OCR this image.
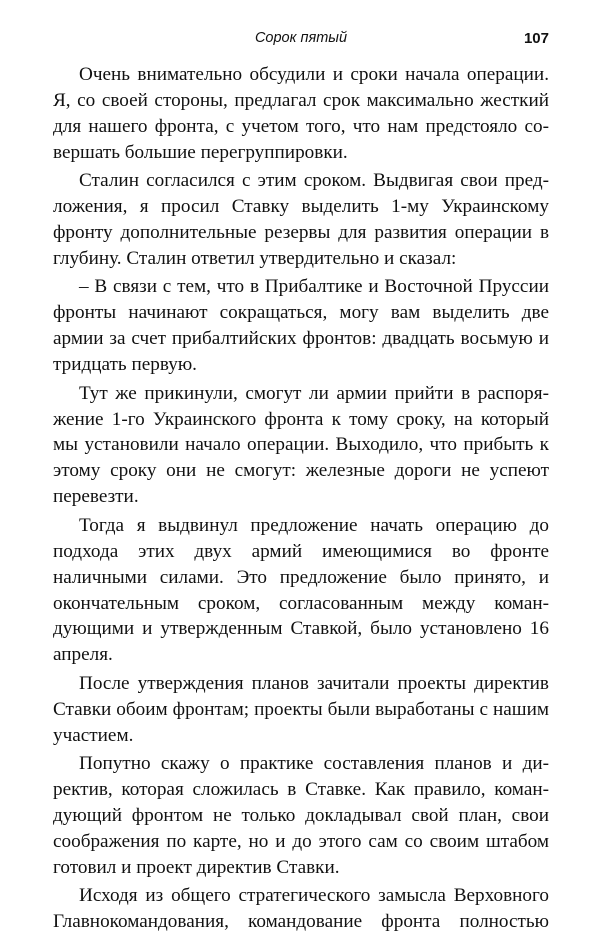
Сорок пятый	107

Очень внимательно обсудили и сроки начала операции. Я, со своей стороны, предлагал срок максимально жесткий для нашего фронта, с учетом того, что нам предстояло совершать большие перегруппировки.

Сталин согласился с этим сроком. Выдвигая свои предложения, я просил Ставку выделить 1-му Украинскому фронту дополнительные резервы для развития операции в глубину. Сталин ответил утвердительно и сказал:

– В связи с тем, что в Прибалтике и Восточной Пруссии фронты начинают сокращаться, могу вам выделить две армии за счет прибалтийских фронтов: двадцать восьмую и тридцать первую.

Тут же прикинули, смогут ли армии прийти в распоряжение 1-го Украинского фронта к тому сроку, на который мы установили начало операции. Выходило, что прибыть к этому сроку они не смогут: железные дороги не успеют перевезти.

Тогда я выдвинул предложение начать операцию до подхода этих двух армий имеющимися во фронте наличными силами. Это предложение было принято, и окончательным сроком, согласованным между командующими и утвержденным Ставкой, было установлено 16 апреля.

После утверждения планов зачитали проекты директив Ставки обоим фронтам; проекты были выработаны с нашим участием.

Попутно скажу о практике составления планов и директив, которая сложилась в Ставке. Как правило, командующий фронтом не только докладывал свой план, свои соображения по карте, но и до этого сам со своим штабом готовил и проект директив Ставки.

Исходя из общего стратегического замысла Верховного Главнокомандования, командование фронта полностью
